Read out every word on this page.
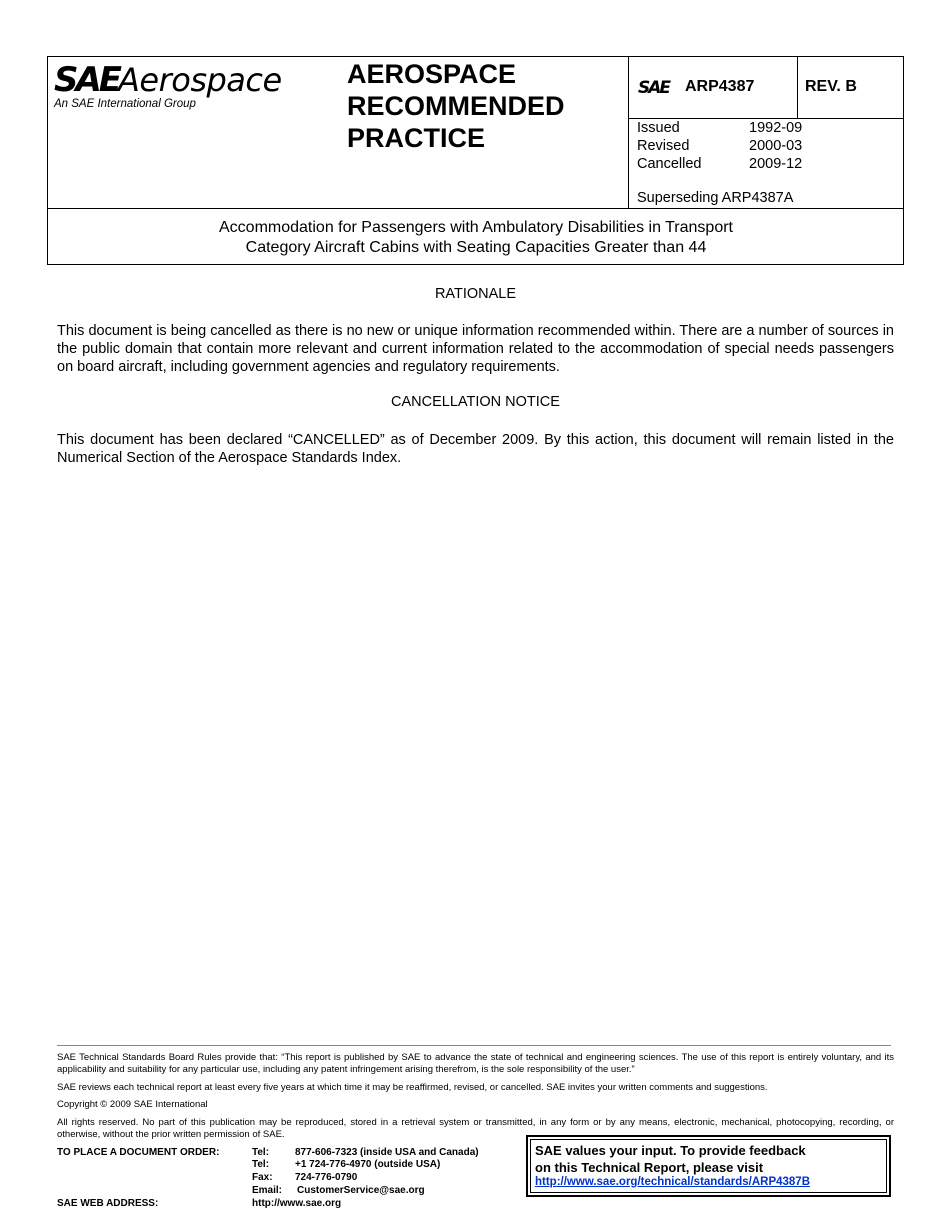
SAE
Aerospace
An SAE International Group
AEROSPACE
RECOMMENDED
PRACTICE
SAE ARP4387	REV. B
Issued	1992-09
Revised	2000-03
Cancelled	2009-12
Superseding ARP4387A
Accommodation for Passengers with Ambulatory Disabilities in Transport
Category Aircraft Cabins with Seating Capacities Greater than 44
RATIONALE
This document is being cancelled as there is no new or unique information recommended within. There are a number of sources in the public domain that contain more relevant and current information related to the accommodation of special needs passengers on board aircraft, including government agencies and regulatory requirements.
CANCELLATION NOTICE
This document has been declared “CANCELLED” as of December 2009. By this action, this document will remain listed in the Numerical Section of the Aerospace Standards Index.
SAE Technical Standards Board Rules provide that: “This report is published by SAE to advance the state of technical and engineering sciences. The use of this report is entirely voluntary, and its applicability and suitability for any particular use, including any patent infringement arising therefrom, is the sole responsibility of the user.”
SAE reviews each technical report at least every five years at which time it may be reaffirmed, revised, or cancelled. SAE invites your written comments and suggestions.
Copyright © 2009 SAE International
All rights reserved. No part of this publication may be reproduced, stored in a retrieval system or transmitted, in any form or by any means, electronic, mechanical, photocopying, recording, or otherwise, without the prior written permission of SAE.
TO PLACE A DOCUMENT ORDER:	Tel:	877-606-7323 (inside USA and Canada)
Tel:	+1 724-776-4970 (outside USA)
Fax:	724-776-0790
Email:	CustomerService@sae.org
SAE WEB ADDRESS:	http://www.sae.org
SAE values your input. To provide feedback
on this Technical Report, please visit
http://www.sae.org/technical/standards/ARP4387B
